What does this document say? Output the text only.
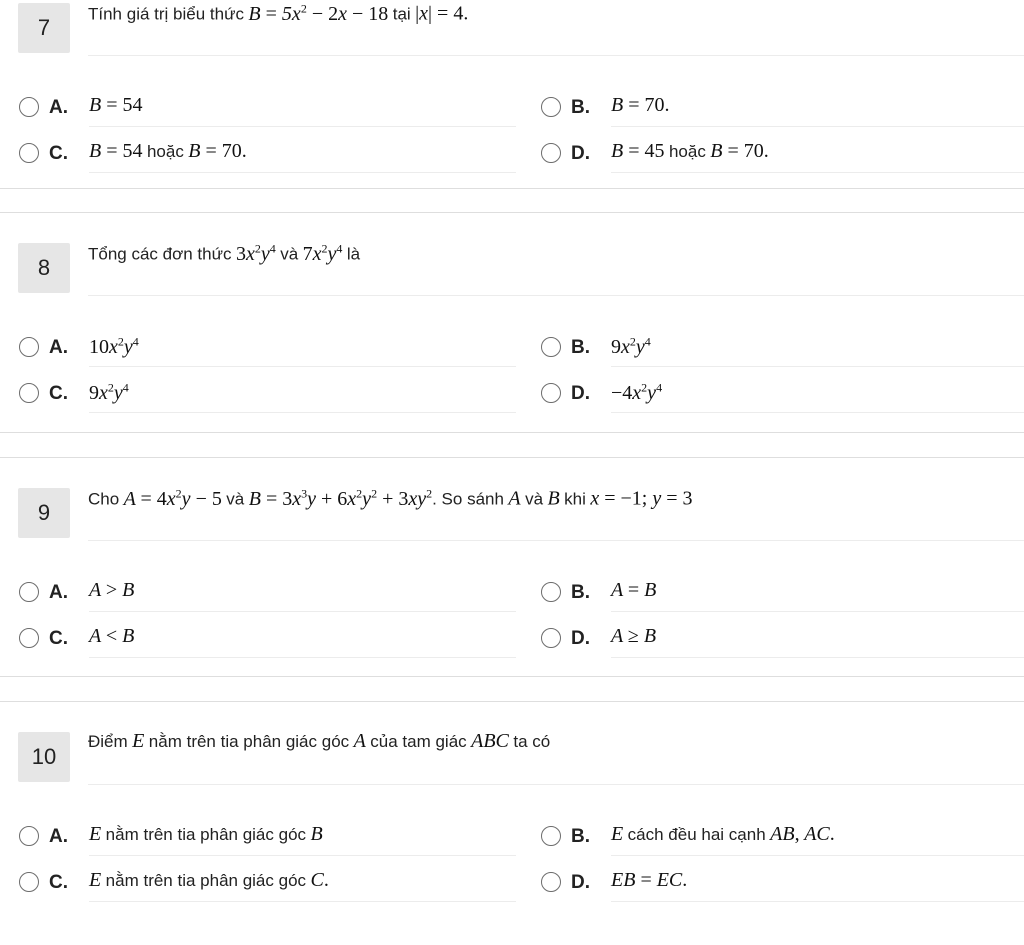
7
Tính giá trị biểu thức $B = 5x^2 - 2x - 18$ tại |x| = 4.
A. B = 54	B. B = 70.
C. B = 54 hoặc B = 70.	D. B = 45 hoặc B = 70.
8
Tổng các đơn thức $3x^2y^4$ và $7x^2y^4$ là
A. $10x^2y^4$	B. $9x^2y^4$
C. $9x^2y^4$	D. $-4x^2y^4$
9
Cho $A = 4x^2y - 5$ và $B = 3x^3y + 6x^2y^2 + 3xy^2$. So sánh A và B khi x = −1; y = 3
A. A > B	B. A = B
C. A < B	D. A ≥ B
10
Điểm E nằm trên tia phân giác góc A của tam giác ABC ta có
A. E nằm trên tia phân giác góc B	B. E cách đều hai cạnh AB, AC.
C. E nằm trên tia phân giác góc C.	D. EB = EC.
